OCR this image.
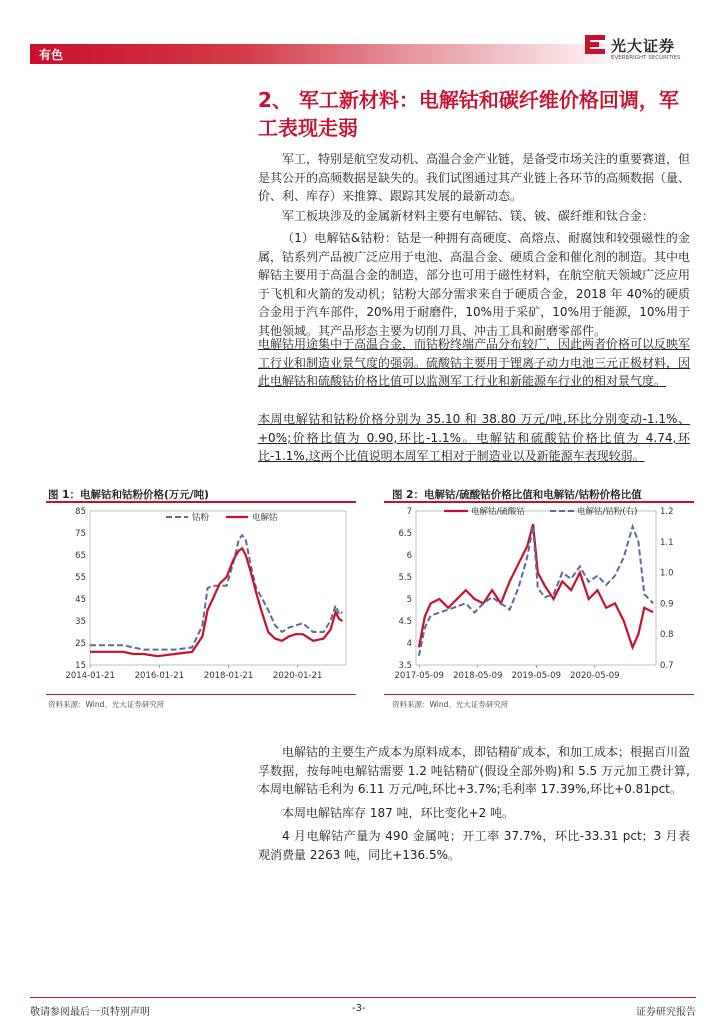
有色	光大证券
EVERBRIGHT SECURITIES
2、 军工新材料：电解钴和碳纤维价格回调，军工表现走弱
军工，特别是航空发动机、高温合金产业链，是备受市场关注的重要赛道，但是其公开的高频数据是缺失的。我们试图通过其产业链上各环节的高频数据（量、价、利、库存）来推算、跟踪其发展的最新动态。
军工板块涉及的金属新材料主要有电解钴、镁、铍、碳纤维和钛合金：
（1）电解钴&钴粉：钴是一种拥有高硬度、高熔点、耐腐蚀和较强磁性的金属，钴系列产品被广泛应用于电池、高温合金、硬质合金和催化剂的制造。其中电解钴主要用于高温合金的制造，部分也可用于磁性材料，在航空航天领域广泛应用于飞机和火箭的发动机；钴粉大部分需求来自于硬质合金，2018 年 40%的硬质合金用于汽车部件，20%用于耐磨件，10%用于采矿，10%用于能源，10%用于其他领域。其产品形态主要为切削刀具、冲击工具和耐磨零部件。
电解钴用途集中于高温合金，而钴粉终端产品分布较广，因此两者价格可以反映军工行业和制造业景气度的强弱。硫酸钴主要用于锂离子动力电池三元正极材料，因此电解钴和硫酸钴价格比值可以监测军工行业和新能源车行业的相对景气度。
本周电解钴和钴粉价格分别为 35.10 和 38.80 万元/吨,环比分别变动-1.1%、+0%;价格比值为 0.90,环比-1.1%。电解钴和硫酸钴价格比值为 4.74,环比-1.1%,这两个比值说明本周军工相对于制造业以及新能源车表现较弱。
图 1：电解钴和钴粉价格(万元/吨)
15
25
35
45
55
65
75
85
2014-01-21 2016-01-21 2018-01-21 2020-01-21
钴粉	电解钴
资料来源：Wind、光大证券研究所
图 2：电解钴/硫酸钴价格比值和电解钴/钴粉价格比值
3.5
4
4.5
5
5.5
6
6.5
7
0.7
0.8
0.9
1.0
1.1
1.2
2017-05-09 2018-05-09 2019-05-09 2020-05-09
电解钴/硫酸钴	电解钴/钴粉(右)
资料来源：Wind、光大证券研究所
电解钴的主要生产成本为原料成本，即钴精矿成本，和加工成本；根据百川盈孚数据，按每吨电解钴需要 1.2 吨钴精矿(假设全部外购)和 5.5 万元加工费计算,本周电解钴毛利为 6.11 万元/吨,环比+3.7%;毛利率 17.39%,环比+0.81pct。
本周电解钴库存 187 吨，环比变化+2 吨。
4 月电解钴产量为 490 金属吨；开工率 37.7%，环比-33.31 pct；3 月表观消费量 2263 吨，同比+136.5%。
敬请参阅最后一页特别声明	-3-	证券研究报告
